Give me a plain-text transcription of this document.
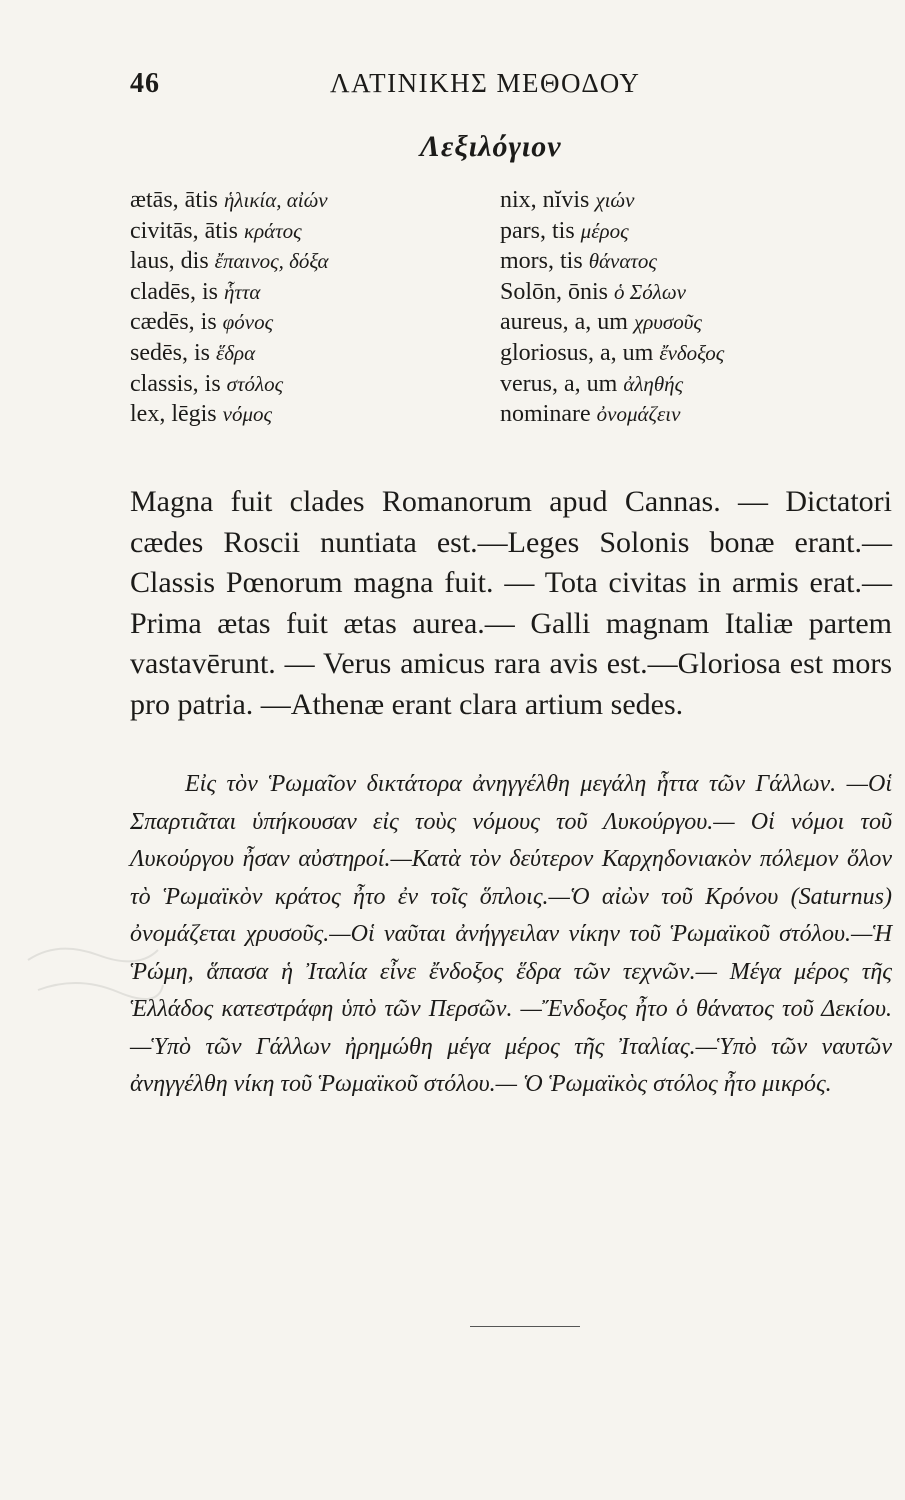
46	ΛΑΤΙΝΙΚΗΣ ΜΕΘΟΔΟΥ
Λεξιλόγιον
ætās, ātis ἡλικία, αἰών
civitās, ātis κράτος
laus, dis ἔπαινος, δόξα
cladēs, is ἧττα
cædēs, is φόνος
sedēs, is ἕδρα
classis, is στόλος
lex, lēgis νόμος
nix, nĭvis χιών
pars, tis μέρος
mors, tis θάνατος
Solōn, ōnis ὁ Σόλων
aureus, a, um χρυσοῦς
gloriosus, a, um ἔνδοξος
verus, a, um ἀληθής
nominare ὀνομάζειν
Magna fuit clades Romanorum apud Cannas. — Dictatori cædes Roscii nuntiata est.—Leges Solonis bonæ erant.—Classis Pœnorum magna fuit. — Tota civitas in armis erat.—Prima ætas fuit ætas aurea.— Galli magnam Italiæ partem vastavērunt. — Verus amicus rara avis est.—Gloriosa est mors pro patria. —Athenæ erant clara artium sedes.
Εἰς τὸν Ῥωμαῖον δικτάτορα ἀνηγγέλθη μεγάλη ἧττα τῶν Γάλλων. —Οἱ Σπαρτιᾶται ὑπήκουσαν εἰς τοὺς νόμους τοῦ Λυκούργου.— Οἱ νόμοι τοῦ Λυκούργου ἦσαν αὐστηροί.—Κατὰ τὸν δεύτερον Καρχηδονιακὸν πόλεμον ὅλον τὸ Ῥωμαϊκὸν κράτος ἦτο ἐν τοῖς ὅπλοις.—Ὁ αἰὼν τοῦ Κρόνου (Saturnus) ὀνομάζεται χρυσοῦς.—Οἱ ναῦται ἀνήγγειλαν νίκην τοῦ Ῥωμαϊκοῦ στόλου.—Ἡ Ῥώμη, ἅπασα ἡ Ἰταλία εἶνε ἔνδοξος ἕδρα τῶν τεχνῶν.— Μέγα μέρος τῆς Ἑλλάδος κατεστράφη ὑπὸ τῶν Περσῶν. —Ἔνδοξος ἦτο ὁ θάνατος τοῦ Δεκίου.—Ὑπὸ τῶν Γάλλων ἠρημώθη μέγα μέρος τῆς Ἰταλίας.—Ὑπὸ τῶν ναυτῶν ἀνηγγέλθη νίκη τοῦ Ῥωμαϊκοῦ στόλου.— Ὁ Ῥωμαϊκὸς στόλος ἦτο μικρός.
